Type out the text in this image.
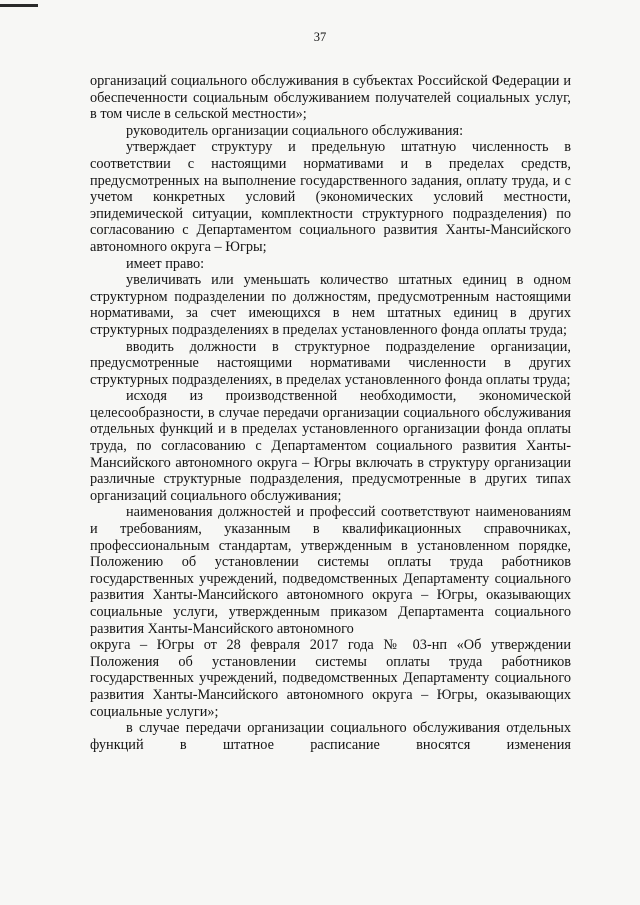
37

организаций социального обслуживания в субъектах Российской Федерации и обеспеченности социальным обслуживанием получателей социальных услуг, в том числе в сельской местности»;

руководитель организации социального обслуживания:

утверждает структуру и предельную штатную численность в соответствии с настоящими нормативами и в пределах средств, предусмотренных на выполнение государственного задания, оплату труда, и с учетом конкретных условий (экономических условий местности, эпидемической ситуации, комплектности структурного подразделения) по согласованию с Департаментом социального развития Ханты-Мансийского автономного округа – Югры;

имеет право:

увеличивать или уменьшать количество штатных единиц в одном структурном подразделении по должностям, предусмотренным настоящими нормативами, за счет имеющихся в нем штатных единиц в других структурных подразделениях в пределах установленного фонда оплаты труда;

вводить должности в структурное подразделение организации, предусмотренные настоящими нормативами численности в других структурных подразделениях, в пределах установленного фонда оплаты труда;

исходя из производственной необходимости, экономической целесообразности, в случае передачи организации социального обслуживания отдельных функций и в пределах установленного организации фонда оплаты труда, по согласованию с Департаментом социального развития Ханты-Мансийского автономного округа – Югры включать в структуру организации различные структурные подразделения, предусмотренные в других типах организаций социального обслуживания;

наименования должностей и профессий соответствуют наименованиям и требованиям, указанным в квалификационных справочниках, профессиональным стандартам, утвержденным в установленном порядке, Положению об установлении системы оплаты труда работников государственных учреждений, подведомственных Департаменту социального развития Ханты-Мансийского автономного округа – Югры, оказывающих социальные услуги, утвержденным приказом Департамента социального развития Ханты-Мансийского автономного

округа – Югры от 28 февраля 2017 года № 03-нп «Об утверждении Положения об установлении системы оплаты труда работников государственных учреждений, подведомственных Департаменту социального развития Ханты-Мансийского автономного округа – Югры, оказывающих социальные услуги»;

в случае передачи организации социального обслуживания отдельных функций в штатное расписание вносятся изменения
